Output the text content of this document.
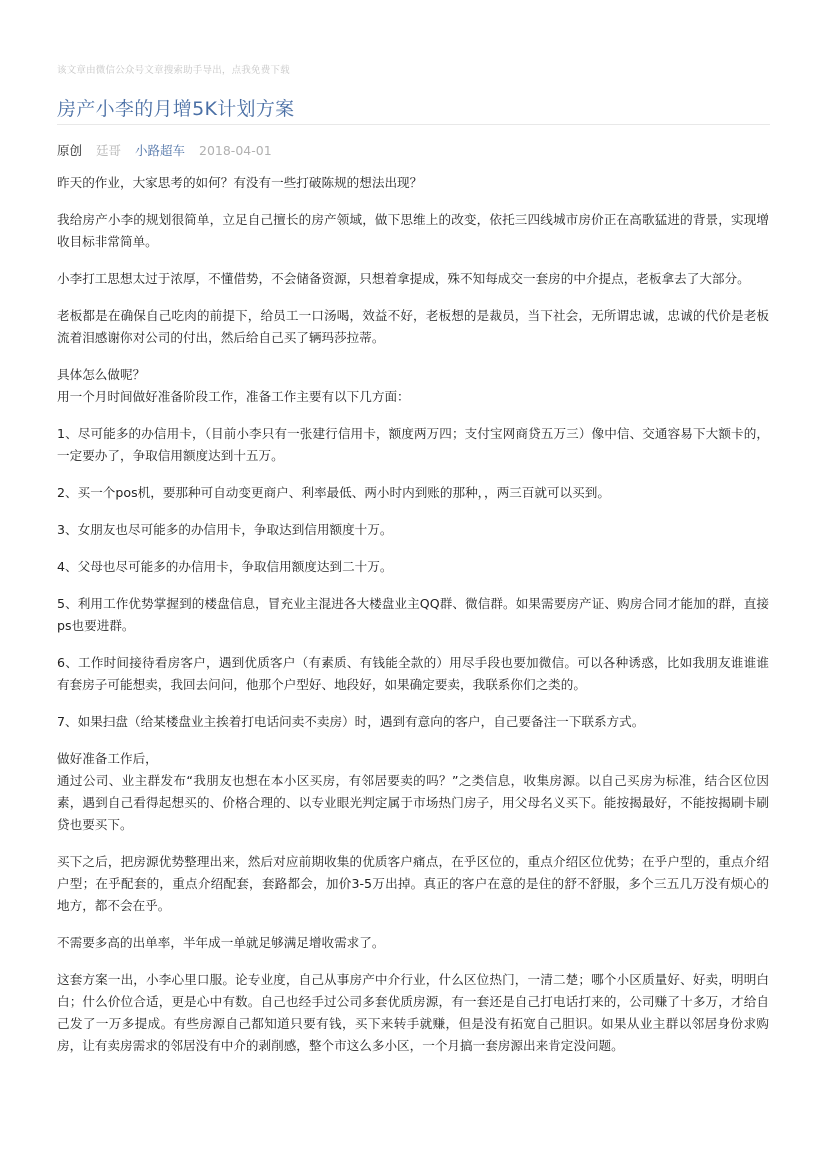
该文章由微信公众号文章搜索助手导出，点我免费下载
房产小李的月增5K计划方案
原创 廷哥 小路超车 2018-04-01

昨天的作业，大家思考的如何？有没有一些打破陈规的想法出现？

我给房产小李的规划很简单，立足自己擅长的房产领域，做下思维上的改变，依托三四线城市房价正在高歌猛进的背景，实现增收目标非常简单。

小李打工思想太过于浓厚，不懂借势，不会储备资源，只想着拿提成，殊不知每成交一套房的中介提点，老板拿去了大部分。

老板都是在确保自己吃肉的前提下，给员工一口汤喝，效益不好，老板想的是裁员，当下社会，无所谓忠诚，忠诚的代价是老板流着泪感谢你对公司的付出，然后给自己买了辆玛莎拉蒂。

具体怎么做呢？

用一个月时间做好准备阶段工作，准备工作主要有以下几方面：

1、尽可能多的办信用卡，（目前小李只有一张建行信用卡，额度两万四；支付宝网商贷五万三）像中信、交通容易下大额卡的，一定要办了，争取信用额度达到十五万。

2、买一个pos机，要那种可自动变更商户、利率最低、两小时内到账的那种，，两三百就可以买到。

3、女朋友也尽可能多的办信用卡，争取达到信用额度十万。

4、父母也尽可能多的办信用卡，争取信用额度达到二十万。

5、利用工作优势掌握到的楼盘信息，冒充业主混进各大楼盘业主QQ群、微信群。如果需要房产证、购房合同才能加的群，直接ps也要进群。

6、工作时间接待看房客户，遇到优质客户（有素质、有钱能全款的）用尽手段也要加微信。可以各种诱惑，比如我朋友谁谁谁有套房子可能想卖，我回去问问，他那个户型好、地段好，如果确定要卖，我联系你们之类的。

7、如果扫盘（给某楼盘业主挨着打电话问卖不卖房）时，遇到有意向的客户，自己要备注一下联系方式。

做好准备工作后，

通过公司、业主群发布“我朋友也想在本小区买房，有邻居要卖的吗？”之类信息，收集房源。以自己买房为标准，结合区位因素，遇到自己看得起想买的、价格合理的、以专业眼光判定属于市场热门房子，用父母名义买下。能按揭最好，不能按揭刷卡刷贷也要买下。

买下之后，把房源优势整理出来，然后对应前期收集的优质客户痛点，在乎区位的，重点介绍区位优势；在乎户型的，重点介绍户型；在乎配套的，重点介绍配套，套路都会，加价3-5万出掉。真正的客户在意的是住的舒不舒服，多个三五几万没有烦心的地方，都不会在乎。

不需要多高的出单率，半年成一单就足够满足增收需求了。

这套方案一出，小李心里口服。论专业度，自己从事房产中介行业，什么区位热门，一清二楚；哪个小区质量好、好卖，明明白白；什么价位合适，更是心中有数。自己也经手过公司多套优质房源，有一套还是自己打电话打来的，公司赚了十多万，才给自己发了一万多提成。有些房源自己都知道只要有钱，买下来转手就赚，但是没有拓宽自己胆识。如果从业主群以邻居身份求购房，让有卖房需求的邻居没有中介的剥削感，整个市这么多小区，一个月搞一套房源出来肯定没问题。
